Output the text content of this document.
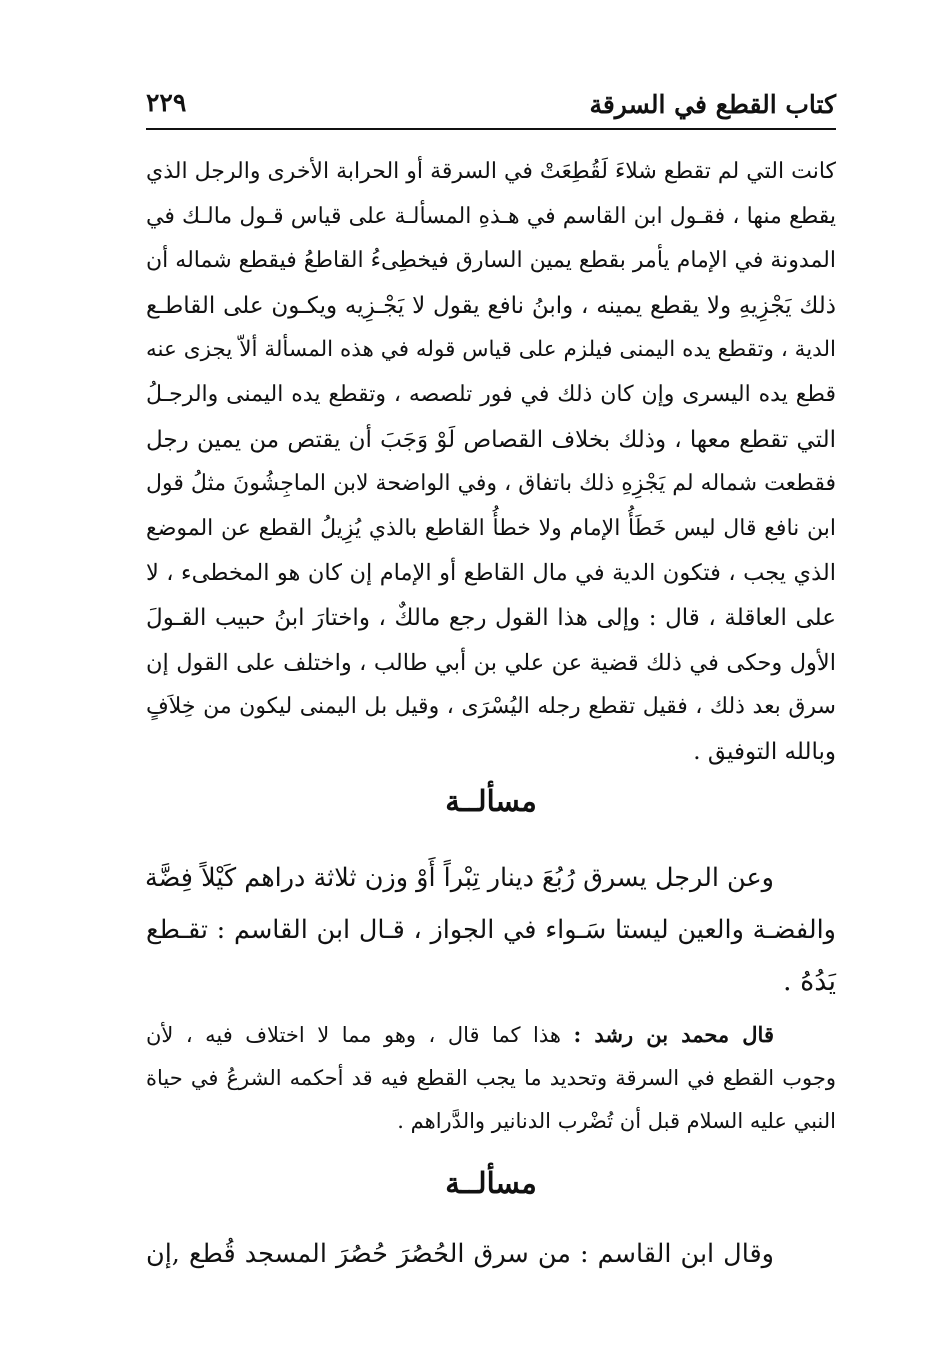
كتاب القطع في السرقة
٢٢٩
كانت التي لم تقطع شلاءَ لَقُطِعَتْ في السرقة أو الحرابة الأخرى والرجل الذي
يقطع منها ، فقـول ابن القاسم في هـذهِ المسألـة على قياس قـول مالـك في
المدونة في الإمام يأمر بقطع يمين السارق فيخطِىءُ القاطعُ فيقطع شماله أن
ذلك يَجْزِيهِ ولا يقطع يمينه ، وابنُ نافع يقول لا يَجْـزِيه ويكـون على القاطـع
الدية ، وتقطع يده اليمنى فيلزم على قياس قوله في هذه المسألة ألاّ يجزى عنه
قطع يده اليسرى وإن كان ذلك في فور تلصصه ، وتقطع يده اليمنى والرجـلُ
التي تقطع معها ، وذلك بخلاف القصاص لَوْ وَجَبَ أن يقتص من يمين رجل
فقطعت شماله لم يَجْزِهِ ذلك باتفاق ، وفي الواضحة لابن الماجِشُونَ مثلُ قول
ابن نافع قال ليس خَطَأُ الإمام ولا خطأُ القاطع بالذي يُزِيلُ القطع عن الموضع
الذي يجب ، فتكون الدية في مال القاطع أو الإمام إن كان هو المخطىء ، لا
على العاقلة ، قال : وإلى هذا القول رجع مالكٌ ، واختارَ ابنُ حبيب القـولَ
الأول وحكى في ذلك قضية عن علي بن أبي طالب ، واختلف على القول إن
سرق بعد ذلك ، فقيل تقطع رجله اليُسْرَى ، وقيل بل اليمنى ليكون من خِلاَفٍ
وبالله التوفيق .
مسألــة
وعن الرجل يسرق رُبُعَ دينار تِبْراً أَوْ وزن ثلاثة دراهم كَيْلاً فِضَّة
والفضـة والعين ليستا سَـواء في الجواز ، قـال ابن القاسم : تقـطع
يَدُهُ .
قال محمد بن رشد : هذا كما قال ، وهو مما لا اختلاف فيه ، لأن
وجوب القطع في السرقة وتحديد ما يجب القطع فيه قد أحكمه الشرعُ في حياة
النبي عليه السلام قبل أن تُضْرب الدنانير والدَّراهم .
مسألــة
وقال ابن القاسم : من سرق الحُصُرَ حُصُرَ المسجد قُطع ,إن
